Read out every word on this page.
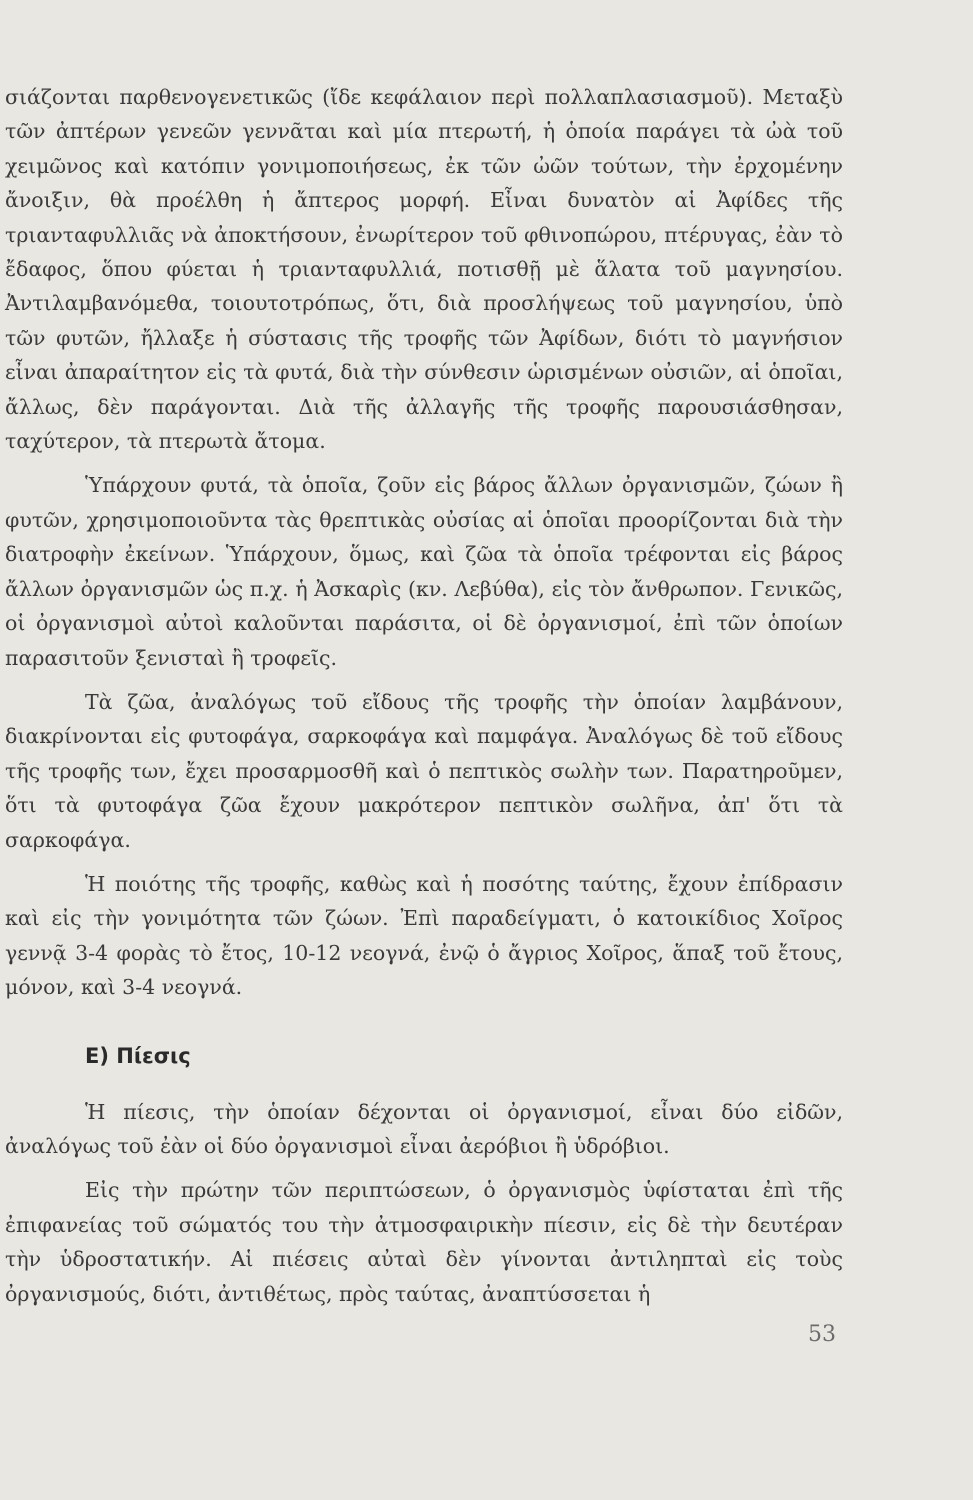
σιάζονται παρθενογενετικῶς (ἴδε κεφάλαιον περὶ πολλαπλασιασμοῦ). Μεταξὺ τῶν ἀπτέρων γενεῶν γεννᾶται καὶ μία πτερωτή, ἡ ὁποία παράγει τὰ ὠὰ τοῦ χειμῶνος καὶ κατόπιν γονιμοποιήσεως, ἐκ τῶν ὠῶν τούτων, τὴν ἐρχομένην ἄνοιξιν, θὰ προέλθη ἡ ἄπτερος μορφή. Εἶναι δυνατὸν αἱ Ἀφίδες τῆς τριανταφυλλιᾶς νὰ ἀποκτήσουν, ἐνωρίτερον τοῦ φθινοπώρου, πτέρυγας, ἐὰν τὸ ἔδαφος, ὅπου φύεται ἡ τριανταφυλλιά, ποτισθῇ μὲ ἅλατα τοῦ μαγνησίου. Ἀντιλαμβανόμεθα, τοιουτοτρόπως, ὅτι, διὰ προσλήψεως τοῦ μαγνησίου, ὑπὸ τῶν φυτῶν, ἤλλαξε ἡ σύστασις τῆς τροφῆς τῶν Ἀφίδων, διότι τὸ μαγνήσιον εἶναι ἀπαραίτητον εἰς τὰ φυτά, διὰ τὴν σύνθεσιν ὡρισμένων οὐσιῶν, αἱ ὁποῖαι, ἄλλως, δὲν παράγονται. Διὰ τῆς ἀλλαγῆς τῆς τροφῆς παρουσιάσθησαν, ταχύτερον, τὰ πτερωτὰ ἄτομα.

Ὑπάρχουν φυτά, τὰ ὁποῖα, ζοῦν εἰς βάρος ἄλλων ὀργανισμῶν, ζώων ἢ φυτῶν, χρησιμοποιοῦντα τὰς θρεπτικὰς οὐσίας αἱ ὁποῖαι προορίζονται διὰ τὴν διατροφὴν ἐκείνων. Ὑπάρχουν, ὅμως, καὶ ζῶα τὰ ὁποῖα τρέφονται εἰς βάρος ἄλλων ὀργανισμῶν ὡς π.χ. ἡ Ἀσκαρὶς (κν. Λεβύθα), εἰς τὸν ἄνθρωπον. Γενικῶς, οἱ ὀργανισμοὶ αὐτοὶ καλοῦνται παράσιτα, οἱ δὲ ὀργανισμοί, ἐπὶ τῶν ὁποίων παρασιτοῦν ξενισταὶ ἢ τροφεῖς.

Τὰ ζῶα, ἀναλόγως τοῦ εἴδους τῆς τροφῆς τὴν ὁποίαν λαμβάνουν, διακρίνονται εἰς φυτοφάγα, σαρκοφάγα καὶ παμφάγα. Ἀναλόγως δὲ τοῦ εἴδους τῆς τροφῆς των, ἔχει προσαρμοσθῆ καὶ ὁ πεπτικὸς σωλὴν των. Παρατηροῦμεν, ὅτι τὰ φυτοφάγα ζῶα ἔχουν μακρότερον πεπτικὸν σωλῆνα, ἀπ' ὅτι τὰ σαρκοφάγα.

Ἡ ποιότης τῆς τροφῆς, καθὼς καὶ ἡ ποσότης ταύτης, ἔχουν ἐπίδρασιν καὶ εἰς τὴν γονιμότητα τῶν ζώων. Ἐπὶ παραδείγματι, ὁ κατοικίδιος Χοῖρος γεννᾷ 3-4 φορὰς τὸ ἔτος, 10-12 νεογνά, ἐνῷ ὁ ἄγριος Χοῖρος, ἅπαξ τοῦ ἔτους, μόνον, καὶ 3-4 νεογνά.

Ε) Πίεσις

Ἡ πίεσις, τὴν ὁποίαν δέχονται οἱ ὀργανισμοί, εἶναι δύο εἰδῶν, ἀναλόγως τοῦ ἐὰν οἱ δύο ὀργανισμοὶ εἶναι ἀερόβιοι ἢ ὑδρόβιοι.

Εἰς τὴν πρώτην τῶν περιπτώσεων, ὁ ὀργανισμὸς ὑφίσταται ἐπὶ τῆς ἐπιφανείας τοῦ σώματός του τὴν ἀτμοσφαιρικὴν πίεσιν, εἰς δὲ τὴν δευτέραν τὴν ὑδροστατικήν. Αἱ πιέσεις αὐταὶ δὲν γίνονται ἀντιληπταὶ εἰς τοὺς ὀργανισμούς, διότι, ἀντιθέτως, πρὸς ταύτας, ἀναπτύσσεται ἡ

53
